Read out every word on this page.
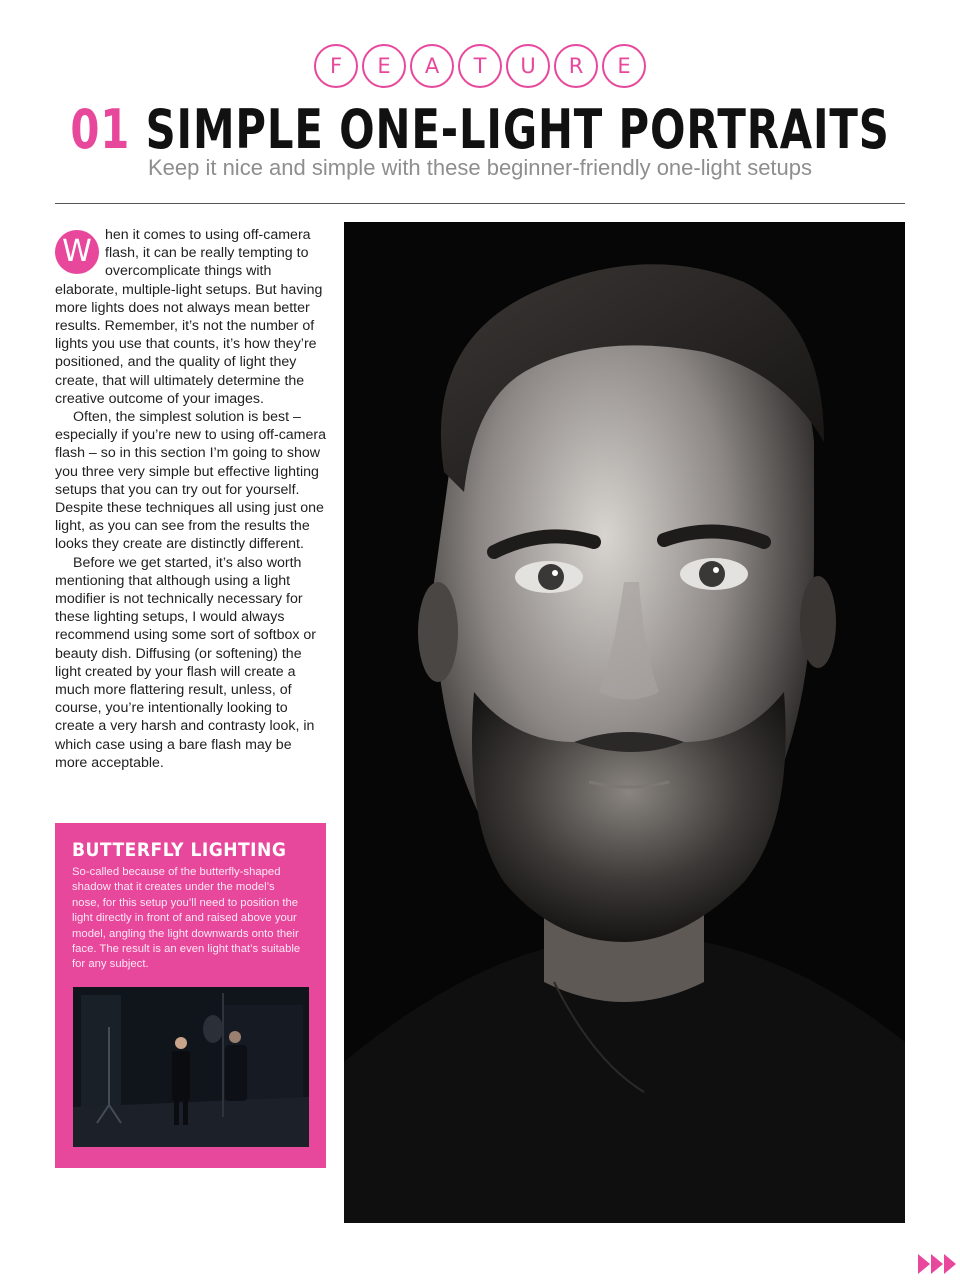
F	E	A	T	U	R	E
01 SIMPLE ONE-LIGHT PORTRAITS
Keep it nice and simple with these beginner-friendly one-light setups

W hen it comes to using off-camera flash, it can be really tempting to overcomplicate things with elaborate, multiple-light setups. But having more lights does not always mean better results. Remember, it’s not the number of lights you use that counts, it’s how they’re positioned, and the quality of light they create, that will ultimately determine the creative outcome of your images.

Often, the simplest solution is best – especially if you’re new to using off-camera flash – so in this section I’m going to show you three very simple but effective lighting setups that you can try out for yourself. Despite these techniques all using just one light, as you can see from the results the looks they create are distinctly different.

Before we get started, it’s also worth mentioning that although using a light modifier is not technically necessary for these lighting setups, I would always recommend using some sort of softbox or beauty dish. Diffusing (or softening) the light created by your flash will create a much more flattering result, unless, of course, you’re intentionally looking to create a very harsh and contrasty look, in which case using a bare flash may be more acceptable.

BUTTERFLY LIGHTING
So-called because of the butterfly-shaped shadow that it creates under the model’s nose, for this setup you’ll need to position the light directly in front of and raised above your model, angling the light downwards onto their face. The result is an even light that’s suitable for any subject.
